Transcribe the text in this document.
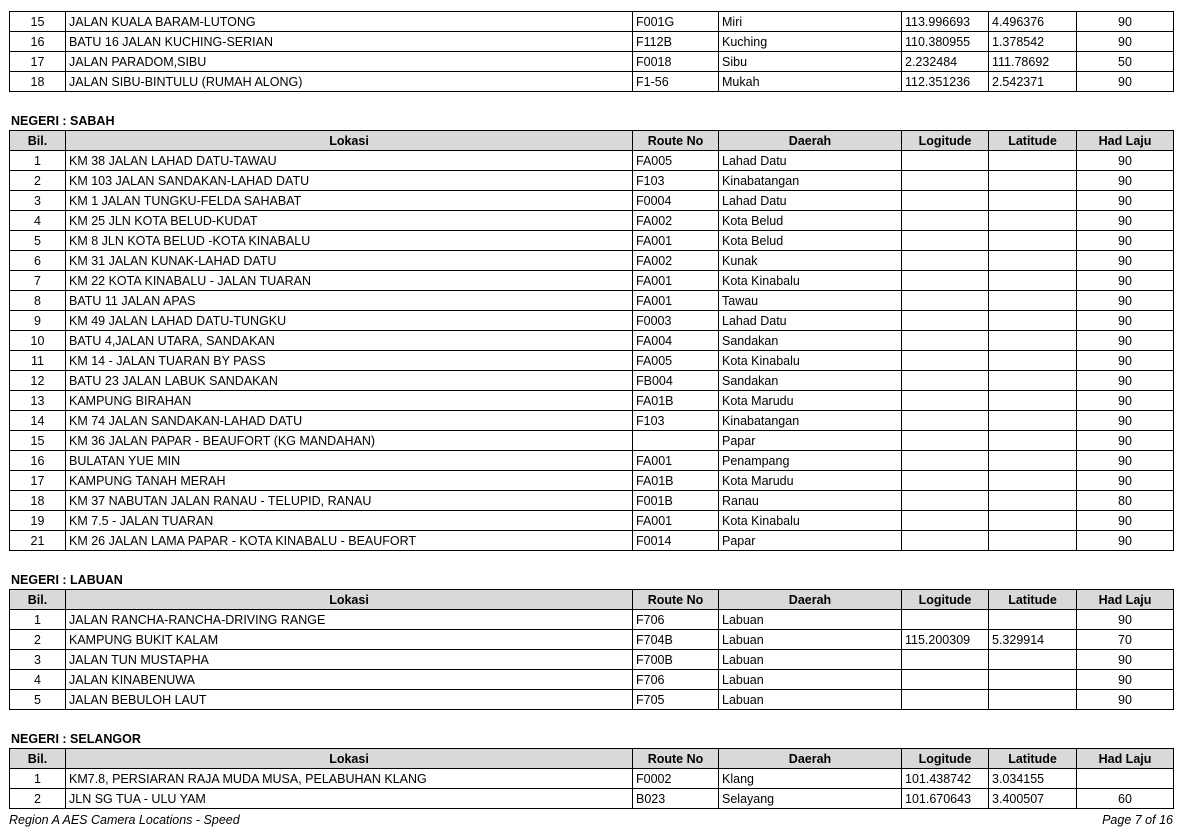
15	JALAN KUALA BARAM-LUTONG	F001G	Miri	113.996693	4.496376	90
16	BATU 16 JALAN KUCHING-SERIAN	F112B	Kuching	110.380955	1.378542	90
17	JALAN PARADOM,SIBU	F0018	Sibu	2.232484	111.78692	50
18	JALAN SIBU-BINTULU (RUMAH ALONG)	F1-56	Mukah	112.351236	2.542371	90
NEGERI : SABAH
Bil.	Lokasi	Route No	Daerah	Logitude	Latitude	Had Laju
1	KM 38 JALAN LAHAD DATU-TAWAU	FA005	Lahad Datu			90
2	KM 103 JALAN SANDAKAN-LAHAD DATU	F103	Kinabatangan			90
3	KM 1 JALAN TUNGKU-FELDA SAHABAT	F0004	Lahad Datu			90
4	KM 25 JLN KOTA BELUD-KUDAT	FA002	Kota Belud			90
5	KM 8 JLN KOTA BELUD -KOTA KINABALU	FA001	Kota Belud			90
6	KM 31 JALAN KUNAK-LAHAD DATU	FA002	Kunak			90
7	KM 22 KOTA KINABALU - JALAN TUARAN	FA001	Kota Kinabalu			90
8	BATU 11 JALAN APAS	FA001	Tawau			90
9	KM 49 JALAN LAHAD DATU-TUNGKU	F0003	Lahad Datu			90
10	BATU 4,JALAN UTARA, SANDAKAN	FA004	Sandakan			90
11	KM 14 - JALAN TUARAN BY PASS	FA005	Kota Kinabalu			90
12	BATU 23 JALAN LABUK SANDAKAN	FB004	Sandakan			90
13	KAMPUNG BIRAHAN	FA01B	Kota Marudu			90
14	KM 74 JALAN SANDAKAN-LAHAD DATU	F103	Kinabatangan			90
15	KM 36 JALAN PAPAR - BEAUFORT (KG MANDAHAN)		Papar			90
16	BULATAN YUE MIN	FA001	Penampang			90
17	KAMPUNG TANAH MERAH	FA01B	Kota Marudu			90
18	KM 37 NABUTAN JALAN RANAU - TELUPID, RANAU	F001B	Ranau			80
19	KM 7.5 - JALAN TUARAN	FA001	Kota Kinabalu			90
21	KM 26 JALAN LAMA PAPAR - KOTA KINABALU - BEAUFORT	F0014	Papar			90
NEGERI : LABUAN
Bil.	Lokasi	Route No	Daerah	Logitude	Latitude	Had Laju
1	JALAN RANCHA-RANCHA-DRIVING RANGE	F706	Labuan			90
2	KAMPUNG BUKIT KALAM	F704B	Labuan	115.200309	5.329914	70
3	JALAN TUN MUSTAPHA	F700B	Labuan			90
4	JALAN KINABENUWA	F706	Labuan			90
5	JALAN BEBULOH LAUT	F705	Labuan			90
NEGERI : SELANGOR
Bil.	Lokasi	Route No	Daerah	Logitude	Latitude	Had Laju
1	KM7.8, PERSIARAN RAJA MUDA MUSA, PELABUHAN KLANG	F0002	Klang	101.438742	3.034155	
2	JLN SG TUA - ULU YAM	B023	Selayang	101.670643	3.400507	60
Region A AES Camera Locations - Speed	Page 7 of 16
